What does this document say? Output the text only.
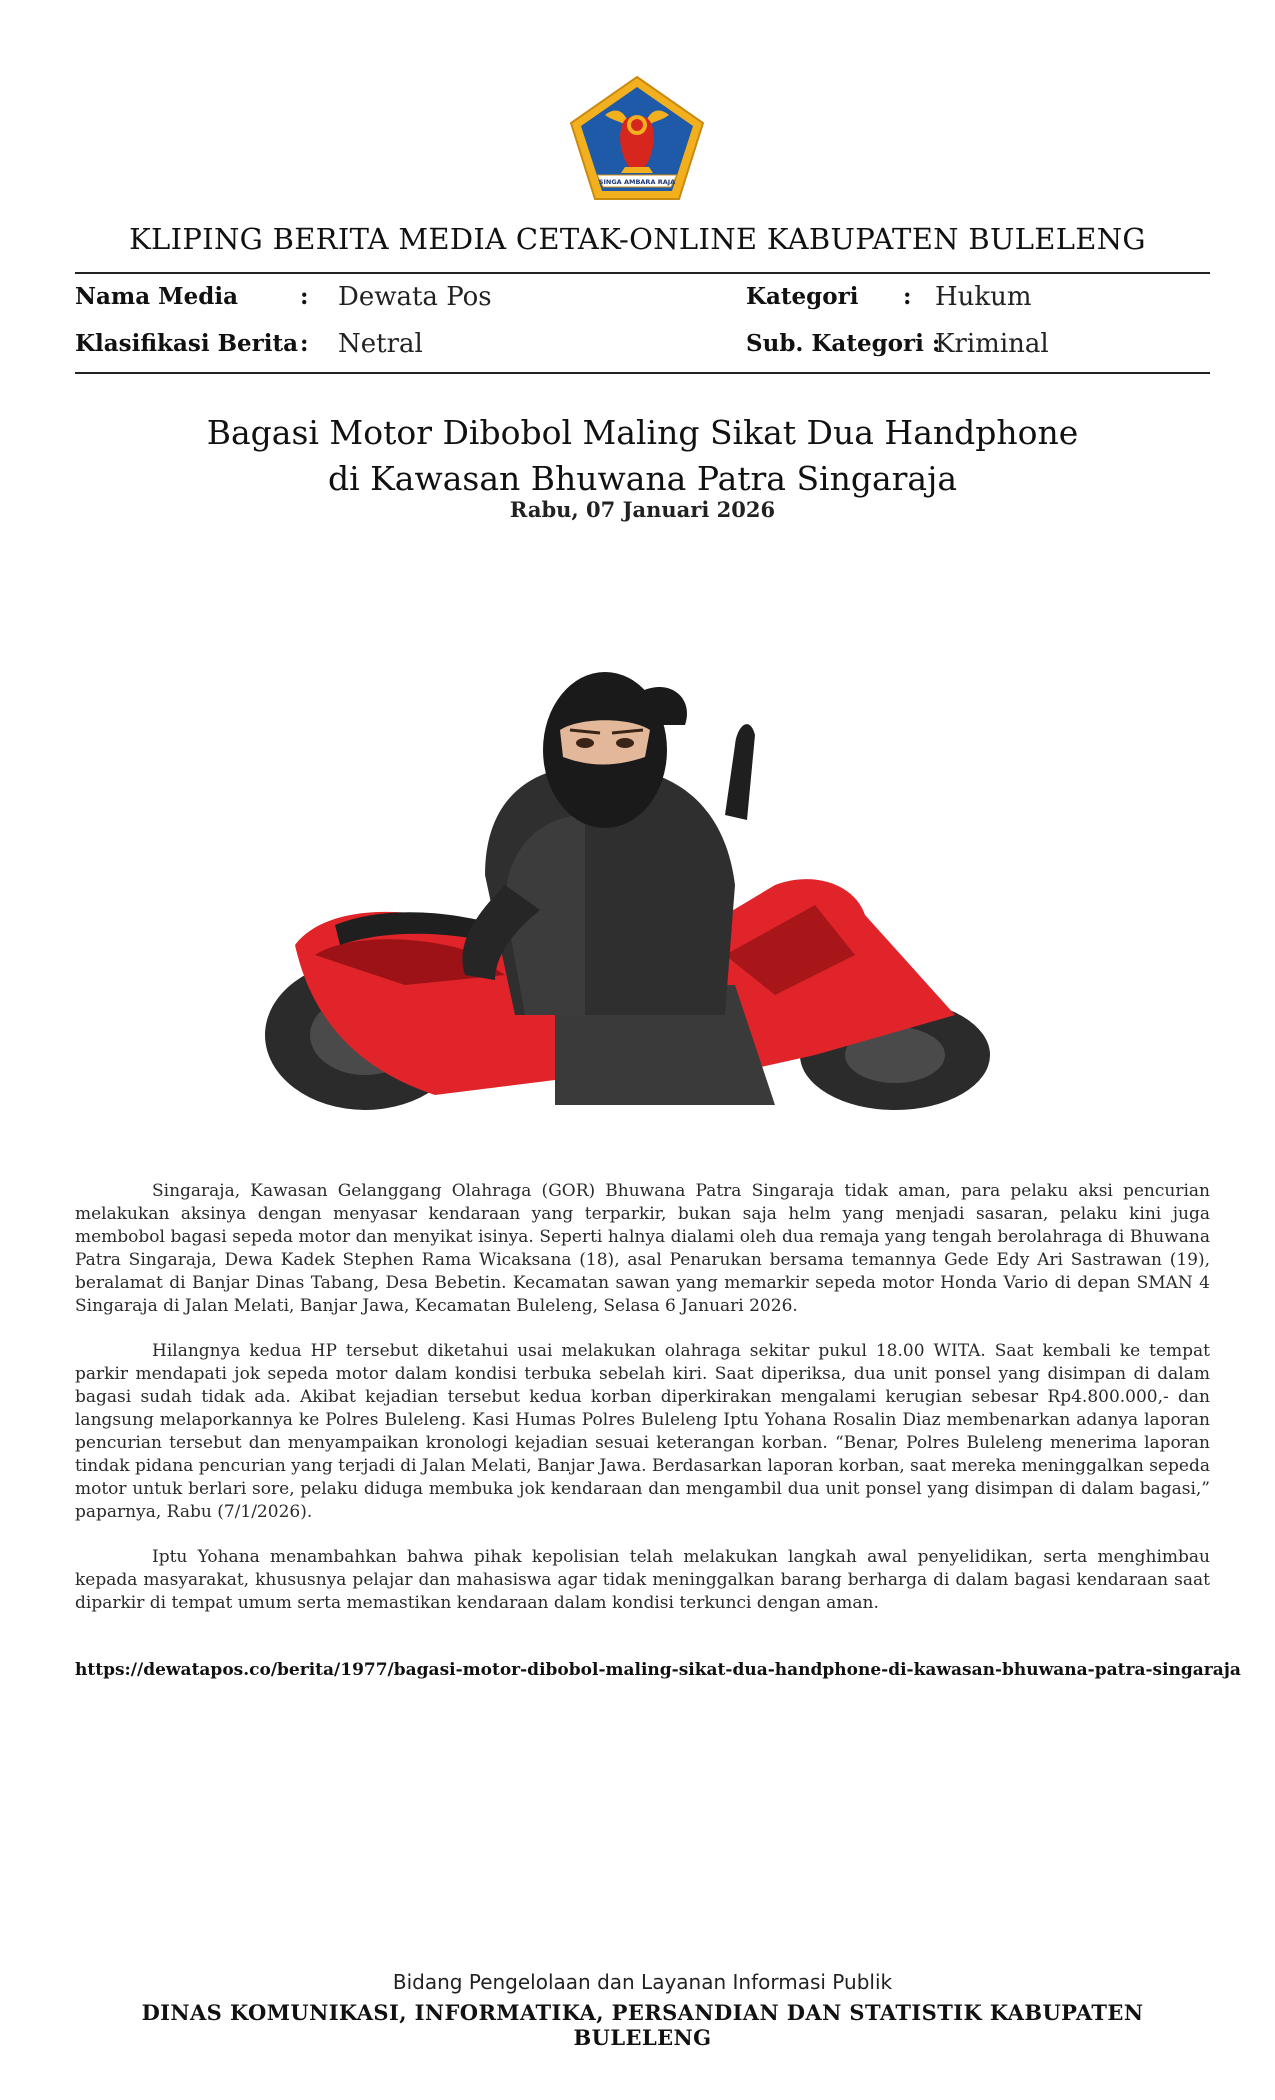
SINGA AMBARA RAJA
KLIPING BERITA MEDIA CETAK-ONLINE KABUPATEN BULELENG
Nama Media	: Dewata Pos
Klasifikasi Berita : Netral
Kategori : Hukum
Sub. Kategori :
Kriminal
Bagasi Motor Dibobol Maling Sikat Dua Handphone
di Kawasan Bhuwana Patra Singaraja
Rabu, 07 Januari 2026

Singaraja, Kawasan Gelanggang Olahraga (GOR) Bhuwana Patra Singaraja tidak aman, para pelaku aksi pencurian melakukan aksinya dengan menyasar kendaraan yang terparkir, bukan saja helm yang menjadi sasaran, pelaku kini juga membobol bagasi sepeda motor dan menyikat isinya. Seperti halnya dialami oleh dua remaja yang tengah berolahraga di Bhuwana Patra Singaraja, Dewa Kadek Stephen Rama Wicaksana (18), asal Penarukan bersama temannya Gede Edy Ari Sastrawan (19), beralamat di Banjar Dinas Tabang, Desa Bebetin. Kecamatan sawan yang memarkir sepeda motor Honda Vario di depan SMAN 4 Singaraja di Jalan Melati, Banjar Jawa, Kecamatan Buleleng, Selasa 6 Januari 2026.

Hilangnya kedua HP tersebut diketahui usai melakukan olahraga sekitar pukul 18.00 WITA. Saat kembali ke tempat parkir mendapati jok sepeda motor dalam kondisi terbuka sebelah kiri. Saat diperiksa, dua unit ponsel yang disimpan di dalam bagasi sudah tidak ada. Akibat kejadian tersebut kedua korban diperkirakan mengalami kerugian sebesar Rp4.800.000,- dan langsung melaporkannya ke Polres Buleleng. Kasi Humas Polres Buleleng Iptu Yohana Rosalin Diaz membenarkan adanya laporan pencurian tersebut dan menyampaikan kronologi kejadian sesuai keterangan korban. “Benar, Polres Buleleng menerima laporan tindak pidana pencurian yang terjadi di Jalan Melati, Banjar Jawa. Berdasarkan laporan korban, saat mereka meninggalkan sepeda motor untuk berlari sore, pelaku diduga membuka jok kendaraan dan mengambil dua unit ponsel yang disimpan di dalam bagasi,” paparnya, Rabu (7/1/2026).

Iptu Yohana menambahkan bahwa pihak kepolisian telah melakukan langkah awal penyelidikan, serta menghimbau kepada masyarakat, khususnya pelajar dan mahasiswa agar tidak meninggalkan barang berharga di dalam bagasi kendaraan saat diparkir di tempat umum serta memastikan kendaraan dalam kondisi terkunci dengan aman.

https://dewatapos.co/berita/1977/bagasi-motor-dibobol-maling-sikat-dua-handphone-di-kawasan-bhuwana-patra-singaraja
Bidang Pengelolaan dan Layanan Informasi Publik
DINAS KOMUNIKASI, INFORMATIKA, PERSANDIAN DAN STATISTIK KABUPATEN BULELENG
